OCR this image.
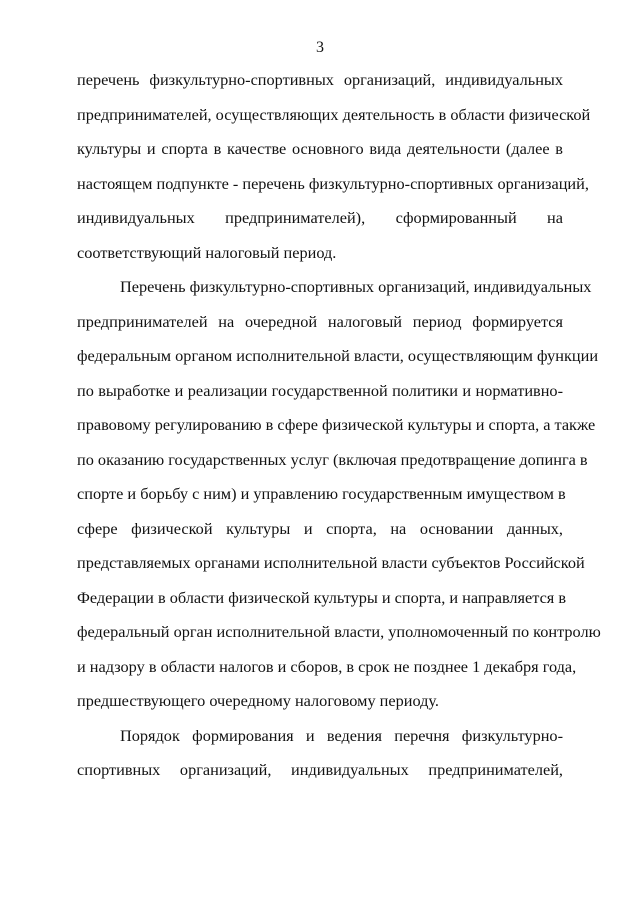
3
перечень физкультурно-спортивных организаций, индивидуальных
предпринимателей, осуществляющих деятельность в области физической
культуры и спорта в качестве основного вида деятельности (далее в
настоящем подпункте - перечень физкультурно-спортивных организаций,
индивидуальных предпринимателей), сформированный на
соответствующий налоговый период.
Перечень физкультурно-спортивных организаций, индивидуальных
предпринимателей на очередной налоговый период формируется
федеральным органом исполнительной власти, осуществляющим функции
по выработке и реализации государственной политики и нормативно-
правовому регулированию в сфере физической культуры и спорта, а также
по оказанию государственных услуг (включая предотвращение допинга в
спорте и борьбу с ним) и управлению государственным имуществом в
сфере физической культуры и спорта, на основании данных,
представляемых органами исполнительной власти субъектов Российской
Федерации в области физической культуры и спорта, и направляется в
федеральный орган исполнительной власти, уполномоченный по контролю
и надзору в области налогов и сборов, в срок не позднее 1 декабря года,
предшествующего очередному налоговому периоду.
Порядок формирования и ведения перечня физкультурно-
спортивных организаций, индивидуальных предпринимателей,
